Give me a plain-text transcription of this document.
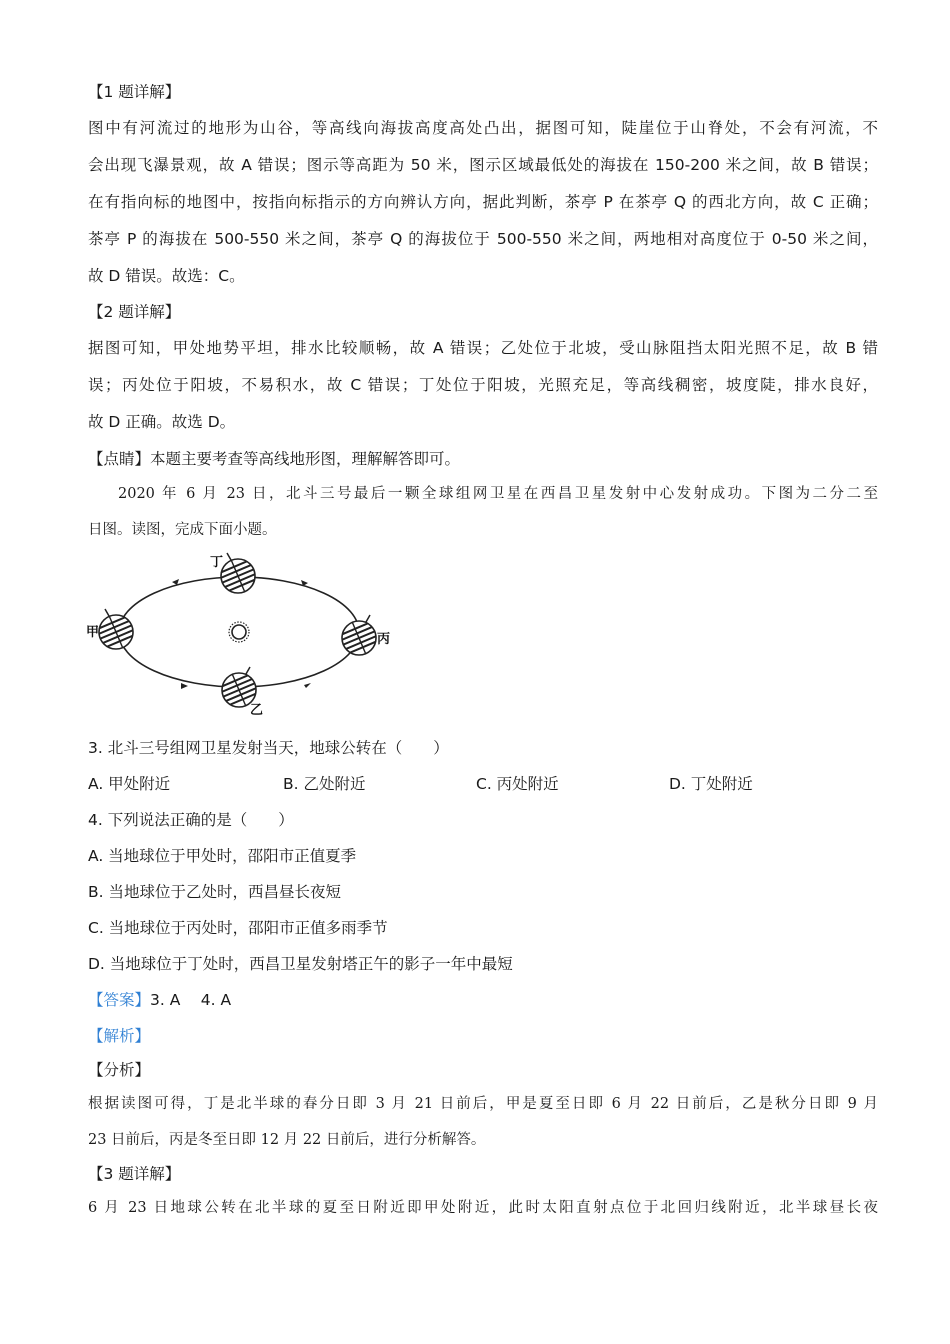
【1 题详解】
图中有河流过的地形为山谷，等高线向海拔高度高处凸出，据图可知，陡崖位于山脊处，不会有河流，不
会出现飞瀑景观，故 A 错误；图示等高距为 50 米，图示区域最低处的海拔在 150-200 米之间，故 B 错误；
在有指向标的地图中，按指向标指示的方向辨认方向，据此判断，茶亭 P 在茶亭 Q 的西北方向，故 C 正确；
茶亭 P 的海拔在 500-550 米之间，茶亭 Q 的海拔位于 500-550 米之间，两地相对高度位于 0-50 米之间，
故 D 错误。故选：C。
【2 题详解】
据图可知，甲处地势平坦，排水比较顺畅，故 A 错误；乙处位于北坡，受山脉阻挡太阳光照不足，故 B 错
误；丙处位于阳坡，不易积水，故 C 错误；丁处位于阳坡，光照充足，等高线稠密，坡度陡，排水良好，
故 D 正确。故选 D。
【点睛】本题主要考查等高线地形图，理解解答即可。
2020 年 6 月 23 日，北斗三号最后一颗全球组网卫星在西昌卫星发射中心发射成功。下图为二分二至
日图。读图，完成下面小题。
丁
甲	丙
乙
3. 北斗三号组网卫星发射当天，地球公转在（　　）
A. 甲处附近	B. 乙处附近	C. 丙处附近	D. 丁处附近
4. 下列说法正确的是（　　）
A. 当地球位于甲处时，邵阳市正值夏季
B. 当地球位于乙处时，西昌昼长夜短
C. 当地球位于丙处时，邵阳市正值多雨季节
D. 当地球位于丁处时，西昌卫星发射塔正午的影子一年中最短
【答案】3. A　 4. A
【解析】
【分析】
根据读图可得，丁是北半球的春分日即 3 月 21 日前后，甲是夏至日即 6 月 22 日前后，乙是秋分日即 9 月
23 日前后，丙是冬至日即 12 月 22 日前后，进行分析解答。
【3 题详解】
6 月 23 日地球公转在北半球的夏至日附近即甲处附近，此时太阳直射点位于北回归线附近，北半球昼长夜
